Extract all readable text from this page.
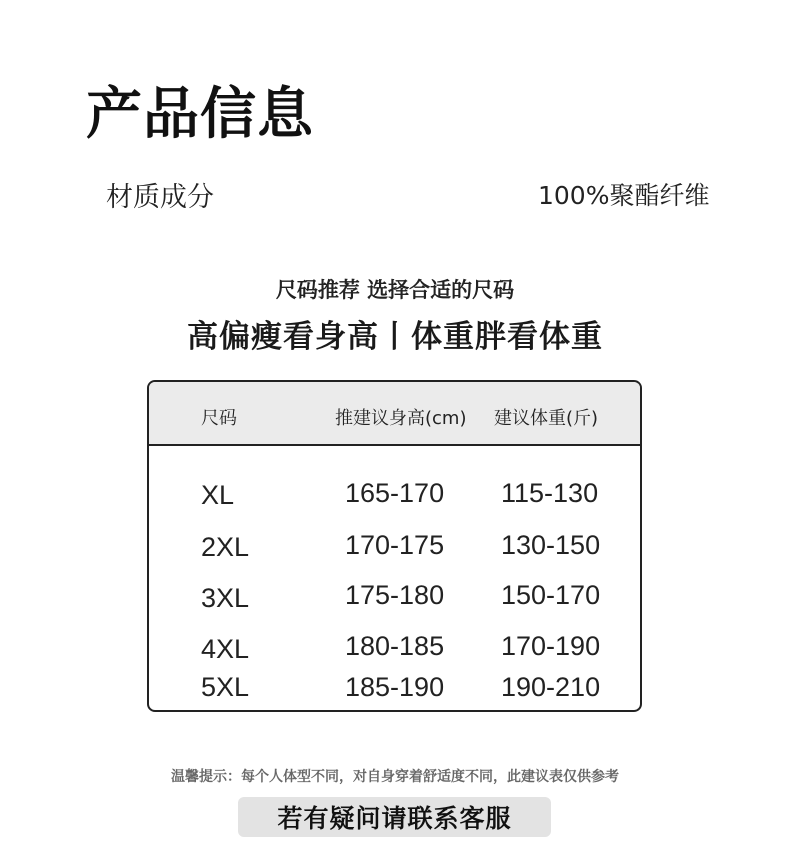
产品信息
材质成分	100%聚酯纤维
尺码推荐 选择合适的尺码
高偏瘦看身高丨体重胖看体重
尺码	推建议身高(cm) 建议体重(斤)
XL	165-170 115-130
2XL	170-175 130-150
3XL	175-180 150-170
4XL	180-185 170-190
5XL	185-190 190-210
温馨提示：每个人体型不同，对自身穿着舒适度不同，此建议表仅供参考
若有疑问请联系客服
